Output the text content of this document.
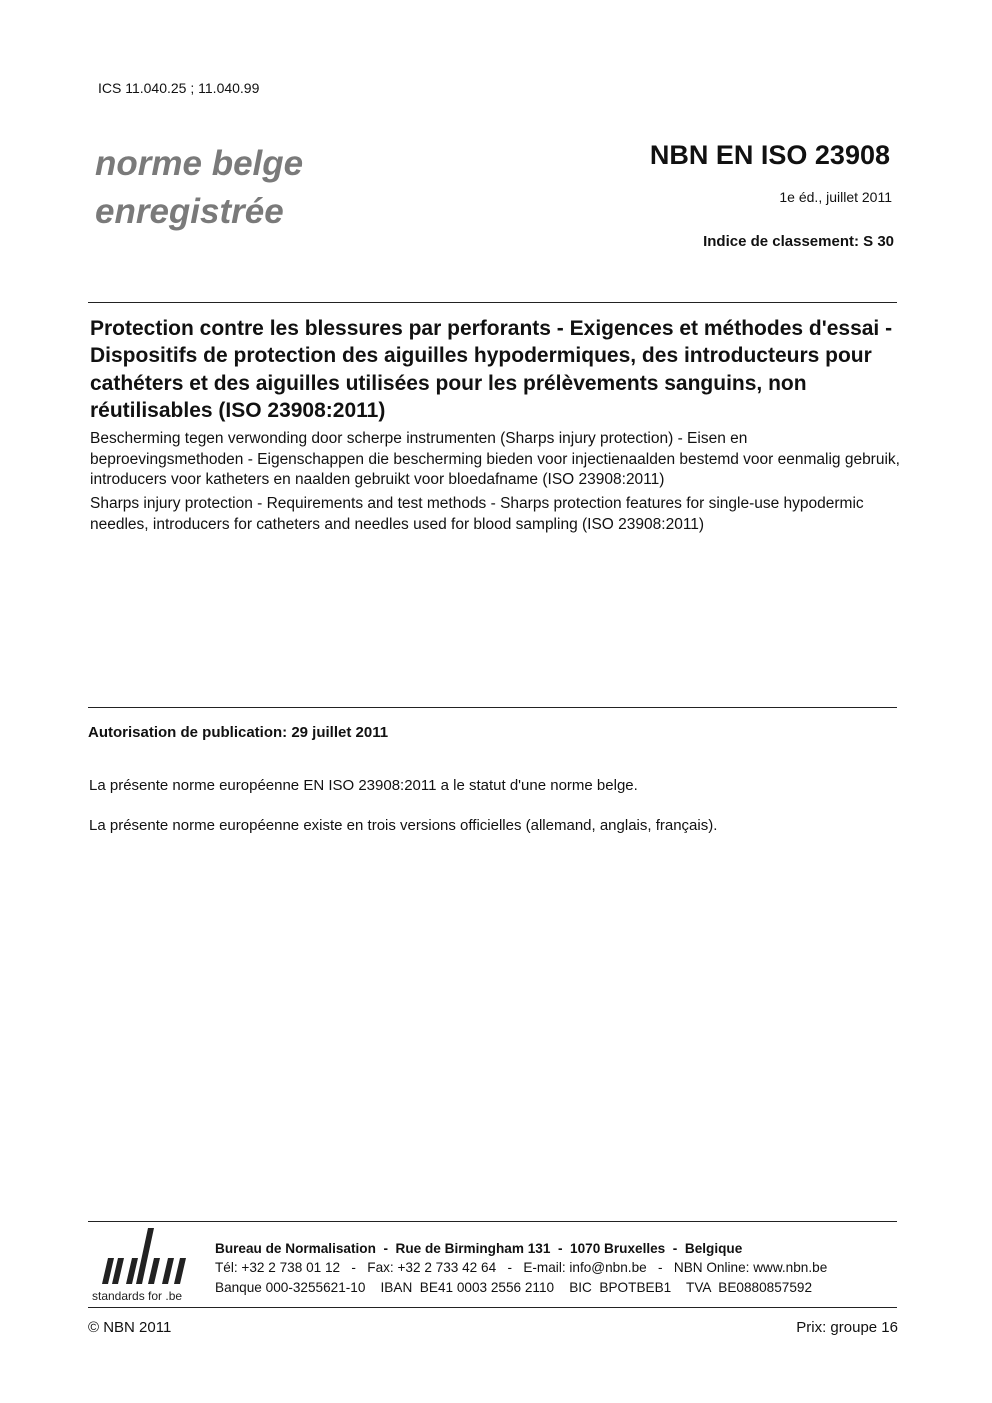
ICS 11.040.25 ; 11.040.99
norme belge
enregistrée
NBN EN ISO 23908
1e éd., juillet 2011
Indice de classement: S 30
Protection contre les blessures par perforants - Exigences et méthodes d'essai - Dispositifs de protection des aiguilles hypodermiques, des introducteurs pour cathéters et des aiguilles utilisées pour les prélèvements sanguins, non réutilisables (ISO 23908:2011)
Bescherming tegen verwonding door scherpe instrumenten (Sharps injury protection) - Eisen en beproevingsmethoden - Eigenschappen die bescherming bieden voor injectienaalden bestemd voor eenmalig gebruik, introducers voor katheters en naalden gebruikt voor bloedafname (ISO 23908:2011)
Sharps injury protection - Requirements and test methods - Sharps protection features for single-use hypodermic needles, introducers for catheters and needles used for blood sampling (ISO 23908:2011)
Autorisation de publication: 29 juillet 2011
La présente norme européenne EN ISO 23908:2011 a le statut d'une norme belge.
La présente norme européenne existe en trois versions officielles (allemand, anglais, français).
standards for .be
Bureau de Normalisation  -  Rue de Birmingham 131  -  1070 Bruxelles  -  Belgique
Tél: +32 2 738 01 12   -   Fax: +32 2 733 42 64   -   E-mail: info@nbn.be   -   NBN Online: www.nbn.be
Banque 000-3255621-10    IBAN  BE41 0003 2556 2110    BIC  BPOTBEB1    TVA  BE0880857592
© NBN 2011	Prix: groupe 16
